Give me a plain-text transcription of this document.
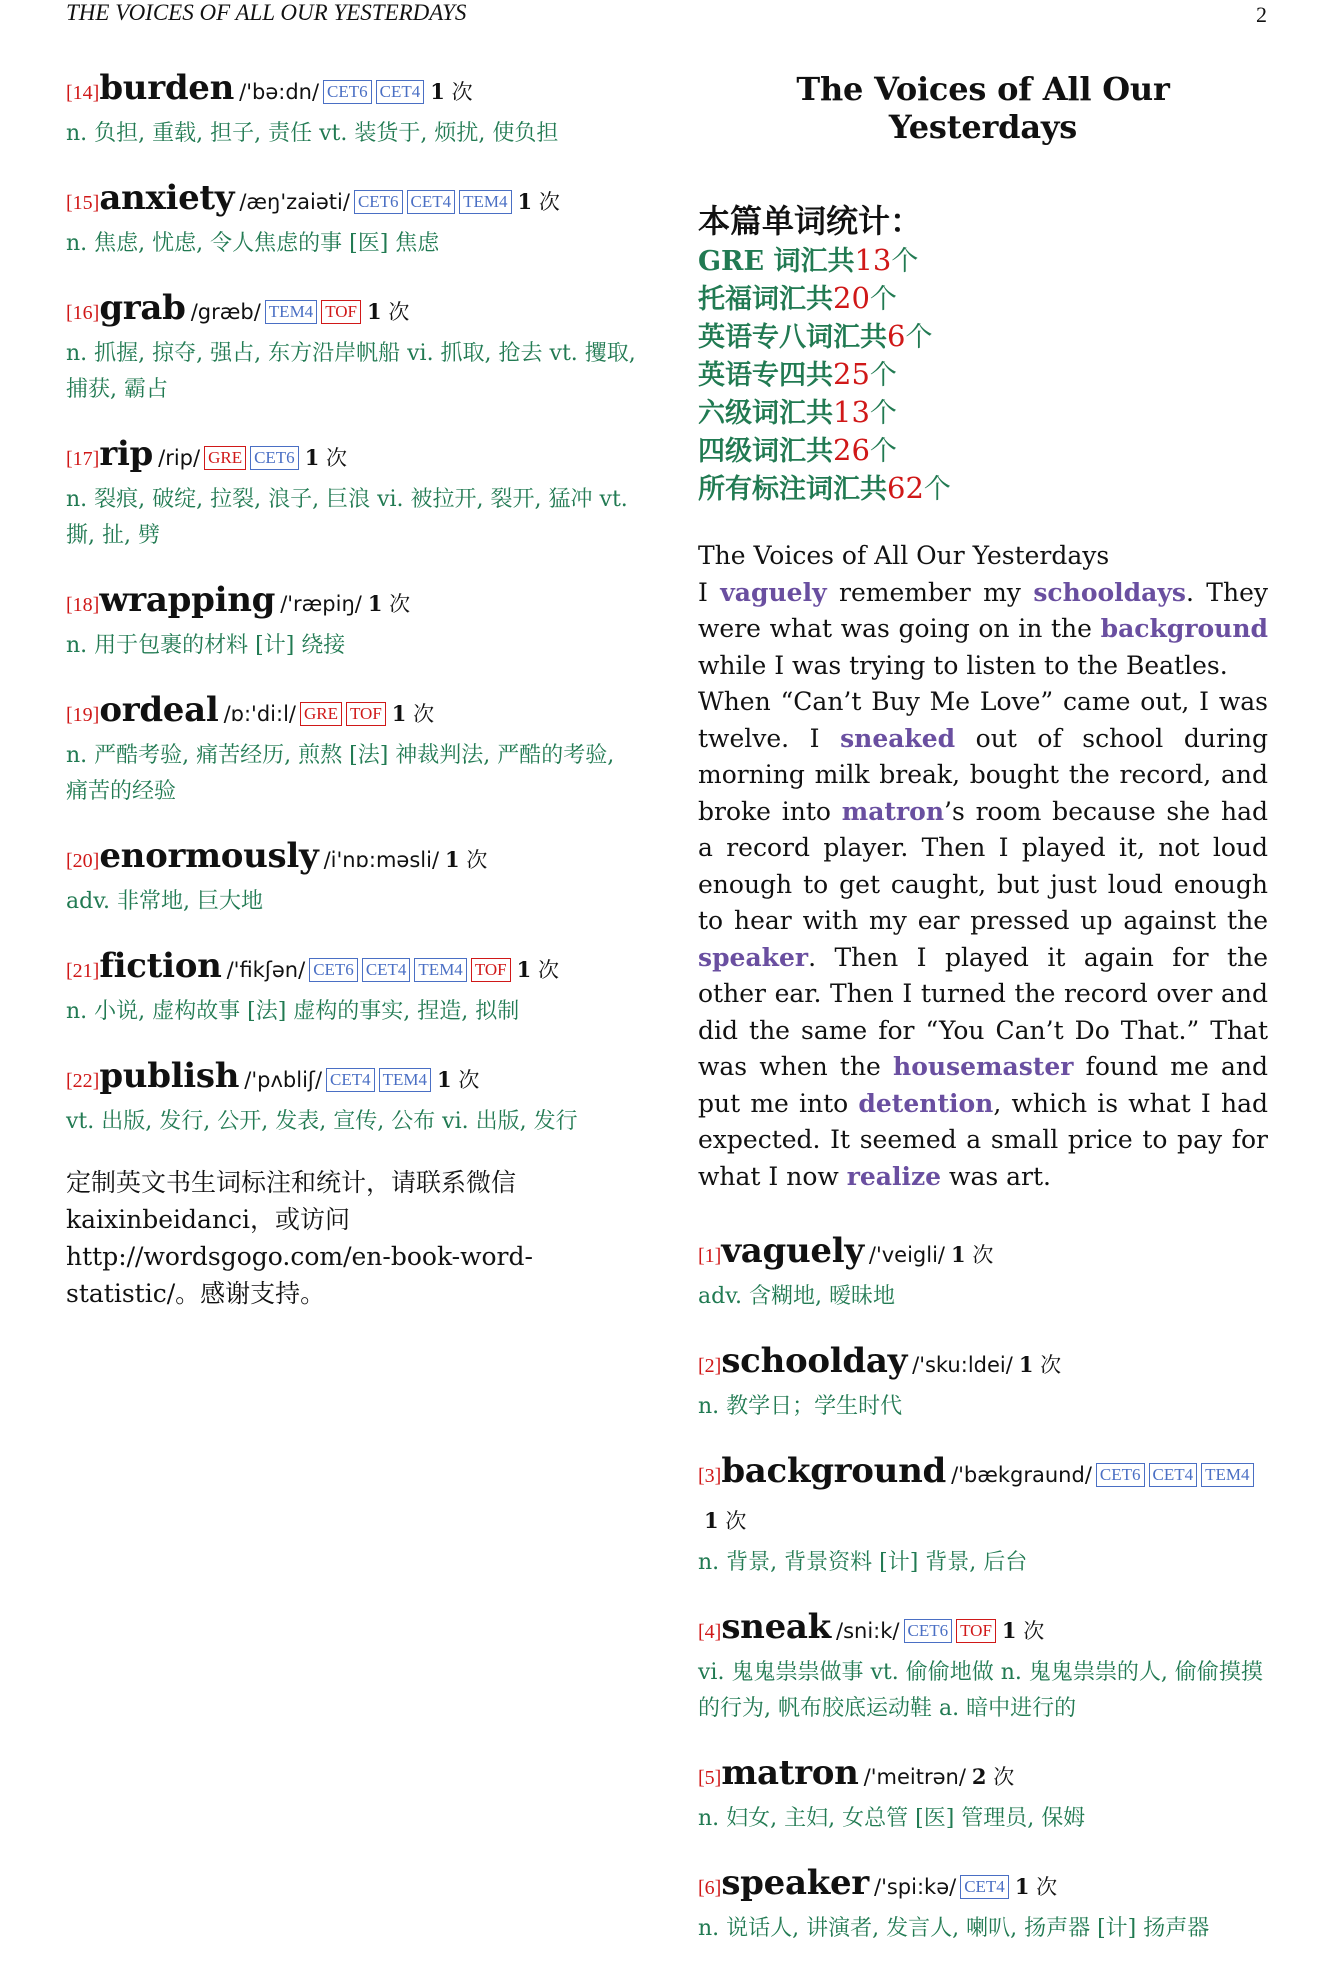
THE VOICES OF ALL OUR YESTERDAYS	2
[14]burden /'bə:dn/ CET6 CET4 1 次
n. 负担, 重载, 担子, 责任 vt. 装货于, 烦扰, 使负担
[15]anxiety /æŋ'zaiəti/ CET6 CET4 TEM4 1 次
n. 焦虑, 忧虑, 令人焦虑的事 [医] 焦虑
[16]grab /græb/ TEM4 TOF 1 次
n. 抓握, 掠夺, 强占, 东方沿岸帆船 vi. 抓取, 抢去 vt. 攫取, 捕获, 霸占
[17]rip /rip/ GRE CET6 1 次
n. 裂痕, 破绽, 拉裂, 浪子, 巨浪 vi. 被拉开, 裂开, 猛冲 vt. 撕, 扯, 劈
[18]wrapping /'ræpiŋ/ 1 次
n. 用于包裹的材料 [计] 绕接
[19]ordeal /ɒ:'di:l/ GRE TOF 1 次
n. 严酷考验, 痛苦经历, 煎熬 [法] 神裁判法, 严酷的考验, 痛苦的经验
[20]enormously /i'nɒ:məsli/ 1 次
adv. 非常地, 巨大地
[21]fiction /'fikʃən/ CET6 CET4 TEM4 TOF 1 次
n. 小说, 虚构故事 [法] 虚构的事实, 捏造, 拟制
[22]publish /'pʌbliʃ/ CET4 TEM4 1 次
vt. 出版, 发行, 公开, 发表, 宣传, 公布 vi. 出版, 发行
定制英文书生词标注和统计，请联系微信 kaixinbeidanci，或访问 http://wordsgogo.com/en-book-word-statistic/。感谢支持。
The Voices of All Our Yesterdays
本篇单词统计：
GRE 词汇共13个
托福词汇共20个
英语专八词汇共6个
英语专四共25个
六级词汇共13个
四级词汇共26个
所有标注词汇共62个
The Voices of All Our Yesterdays

I vaguely remember my schooldays. They were what was going on in the background while I was trying to listen to the Beatles.

When “Can’t Buy Me Love” came out, I was twelve. I sneaked out of school during morning milk break, bought the record, and broke into matron’s room because she had a record player. Then I played it, not loud enough to get caught, but just loud enough to hear with my ear pressed up against the speaker. Then I played it again for the other ear. Then I turned the record over and did the same for “You Can’t Do That.” That was when the housemaster found me and put me into detention, which is what I had expected. It seemed a small price to pay for what I now realize was art.

[1]vaguely /'veigli/ 1 次
adv. 含糊地, 暧昧地
[2]schoolday /'sku:ldei/ 1 次
n. 教学日；学生时代
[3]background /'bækgraund/ CET6 CET4 TEM41 次
n. 背景, 背景资料 [计] 背景, 后台
[4]sneak /sni:k/ CET6 TOF 1 次
vi. 鬼鬼祟祟做事 vt. 偷偷地做 n. 鬼鬼祟祟的人, 偷偷摸摸的行为, 帆布胶底运动鞋 a. 暗中进行的
[5]matron /'meitrən/ 2 次
n. 妇女, 主妇, 女总管 [医] 管理员, 保姆
[6]speaker /'spi:kə/ CET4 1 次
n. 说话人, 讲演者, 发言人, 喇叭, 扬声器 [计] 扬声器
